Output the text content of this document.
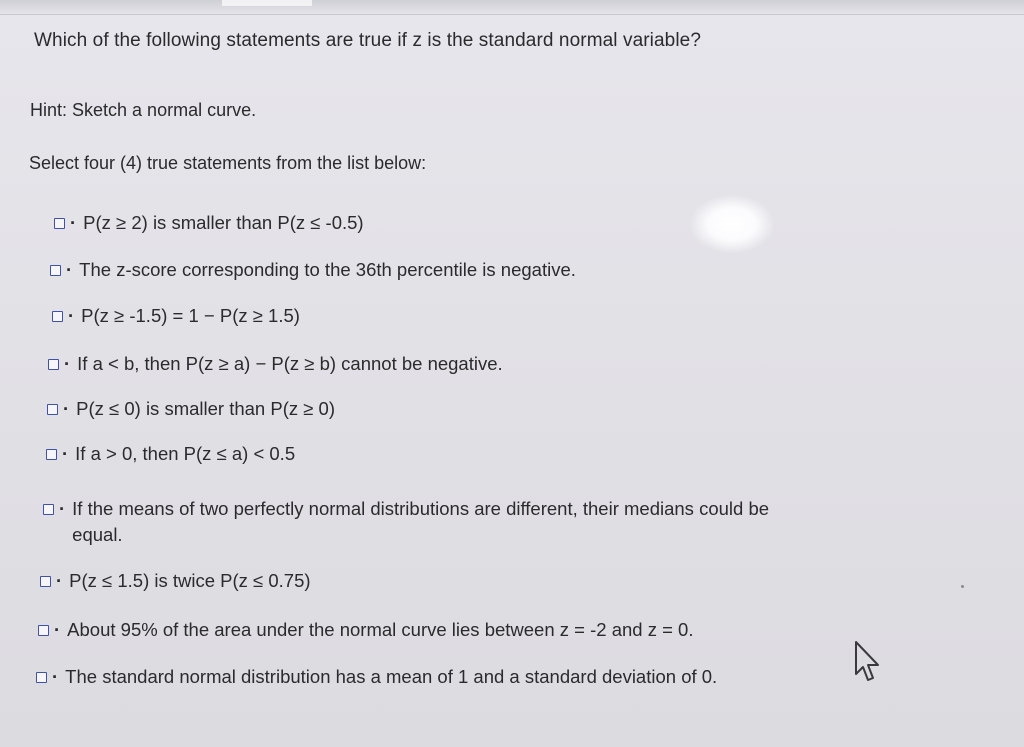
Which of the following statements are true if z is the standard normal variable?
Hint: Sketch a normal curve.
Select four (4) true statements from the list below:
· P(z ≥ 2) is smaller than P(z ≤ -0.5)
· The z-score corresponding to the 36th percentile is negative.
· P(z ≥ -1.5) = 1 − P(z ≥ 1.5)
· If a < b, then P(z ≥ a) − P(z ≥ b) cannot be negative.
· P(z ≤ 0) is smaller than P(z ≥ 0)
· If a > 0, then P(z ≤ a) < 0.5
· If the means of two perfectly normal distributions are different, their medians could be equal.
· P(z ≤ 1.5) is twice P(z ≤ 0.75)
· About 95% of the area under the normal curve lies between z = -2 and z = 0.
· The standard normal distribution has a mean of 1 and a standard deviation of 0.
